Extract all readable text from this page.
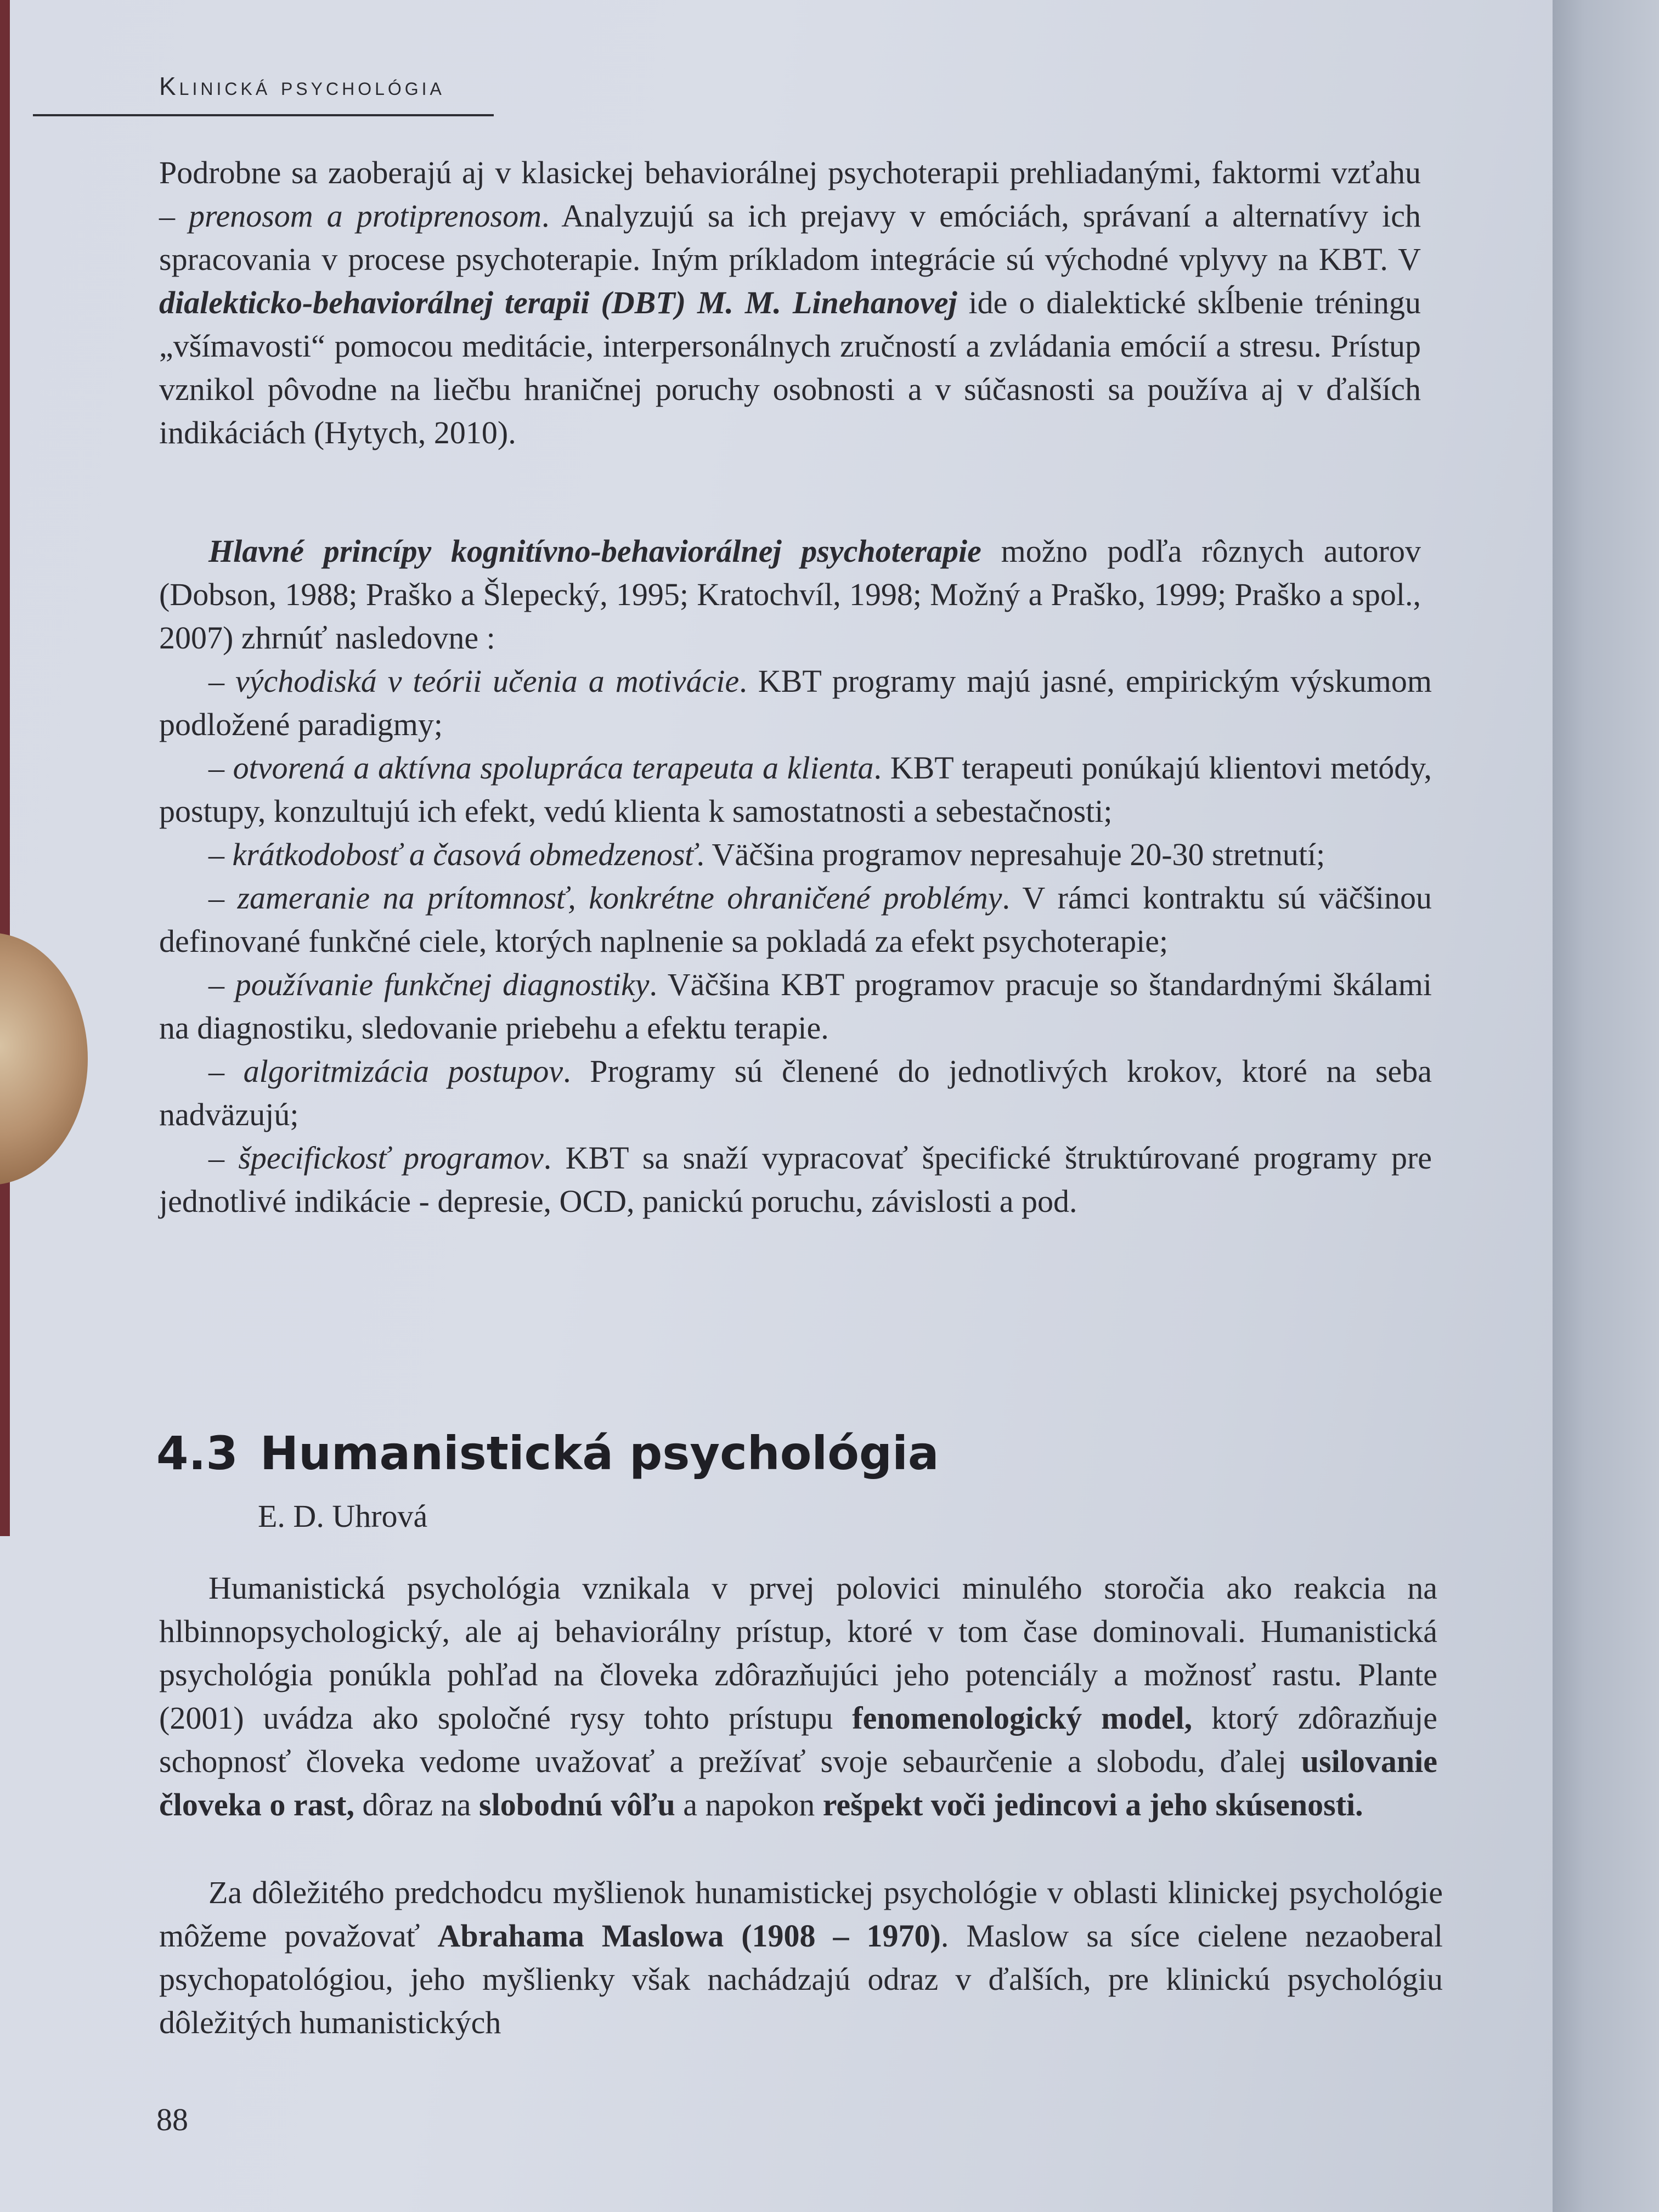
Klinická psychológia

Podrobne sa zaoberajú aj v klasickej behaviorálnej psychoterapii prehliadanými, faktormi vzťahu – prenosom a protiprenosom. Analyzujú sa ich prejavy v emóciách, správaní a alternatívy ich spracovania v procese psychoterapie. Iným príkladom integrácie sú východné vplyvy na KBT. V dialekticko-behaviorálnej terapii (DBT) M. M. Linehanovej ide o dialektické skĺbenie tréningu „všímavosti“ pomocou meditácie, interpersonálnych zručností a zvládania emócií a stresu. Prístup vznikol pôvodne na liečbu hraničnej poruchy osobnosti a v súčasnosti sa používa aj v ďalších indikáciách (Hytych, 2010).

Hlavné princípy kognitívno-behaviorálnej psychoterapie možno podľa rôznych autorov (Dobson, 1988; Praško a Šlepecký, 1995; Kratochvíl, 1998; Možný a Praško, 1999; Praško a spol., 2007) zhrnúť nasledovne :

– východiská v teórii učenia a motivácie. KBT programy majú jasné, empirickým výskumom podložené paradigmy;
– otvorená a aktívna spolupráca terapeuta a klienta. KBT terapeuti ponúkajú klientovi metódy, postupy, konzultujú ich efekt, vedú klienta k samostatnosti a sebestačnosti;
– krátkodobosť a časová obmedzenosť. Väčšina programov nepresahuje 20-30 stretnutí;
– zameranie na prítomnosť, konkrétne ohraničené problémy. V rámci kontraktu sú väčšinou definované funkčné ciele, ktorých naplnenie sa pokladá za efekt psychoterapie;
– používanie funkčnej diagnostiky. Väčšina KBT programov pracuje so štandardnými škálami na diagnostiku, sledovanie priebehu a efektu terapie.
– algoritmizácia postupov. Programy sú členené do jednotlivých krokov, ktoré na seba nadväzujú;
– špecifickosť programov. KBT sa snaží vypracovať špecifické štruktúrované programy pre jednotlivé indikácie - depresie, OCD, panickú poruchu, závislosti a pod.
4.3 Humanistická psychológia
E. D. Uhrová

Humanistická psychológia vznikala v prvej polovici minulého storočia ako reakcia na hlbinnopsychologický, ale aj behaviorálny prístup, ktoré v tom čase dominovali. Humanistická psychológia ponúkla pohľad na človeka zdôrazňujúci jeho potenciály a možnosť rastu. Plante (2001) uvádza ako spoločné rysy tohto prístupu fenomenologický model, ktorý zdôrazňuje schopnosť človeka vedome uvažovať a prežívať svoje sebaurčenie a slobodu, ďalej usilovanie človeka o rast, dôraz na slobodnú vôľu a napokon rešpekt voči jedincovi a jeho skúsenosti.

Za dôležitého predchodcu myšlienok hunamistickej psychológie v oblasti klinickej psychológie môžeme považovať Abrahama Maslowa (1908 – 1970). Maslow sa síce cielene nezaoberal psychopatológiou, jeho myšlienky však nachádzajú odraz v ďalších, pre klinickú psychológiu dôležitých humanistických

88
